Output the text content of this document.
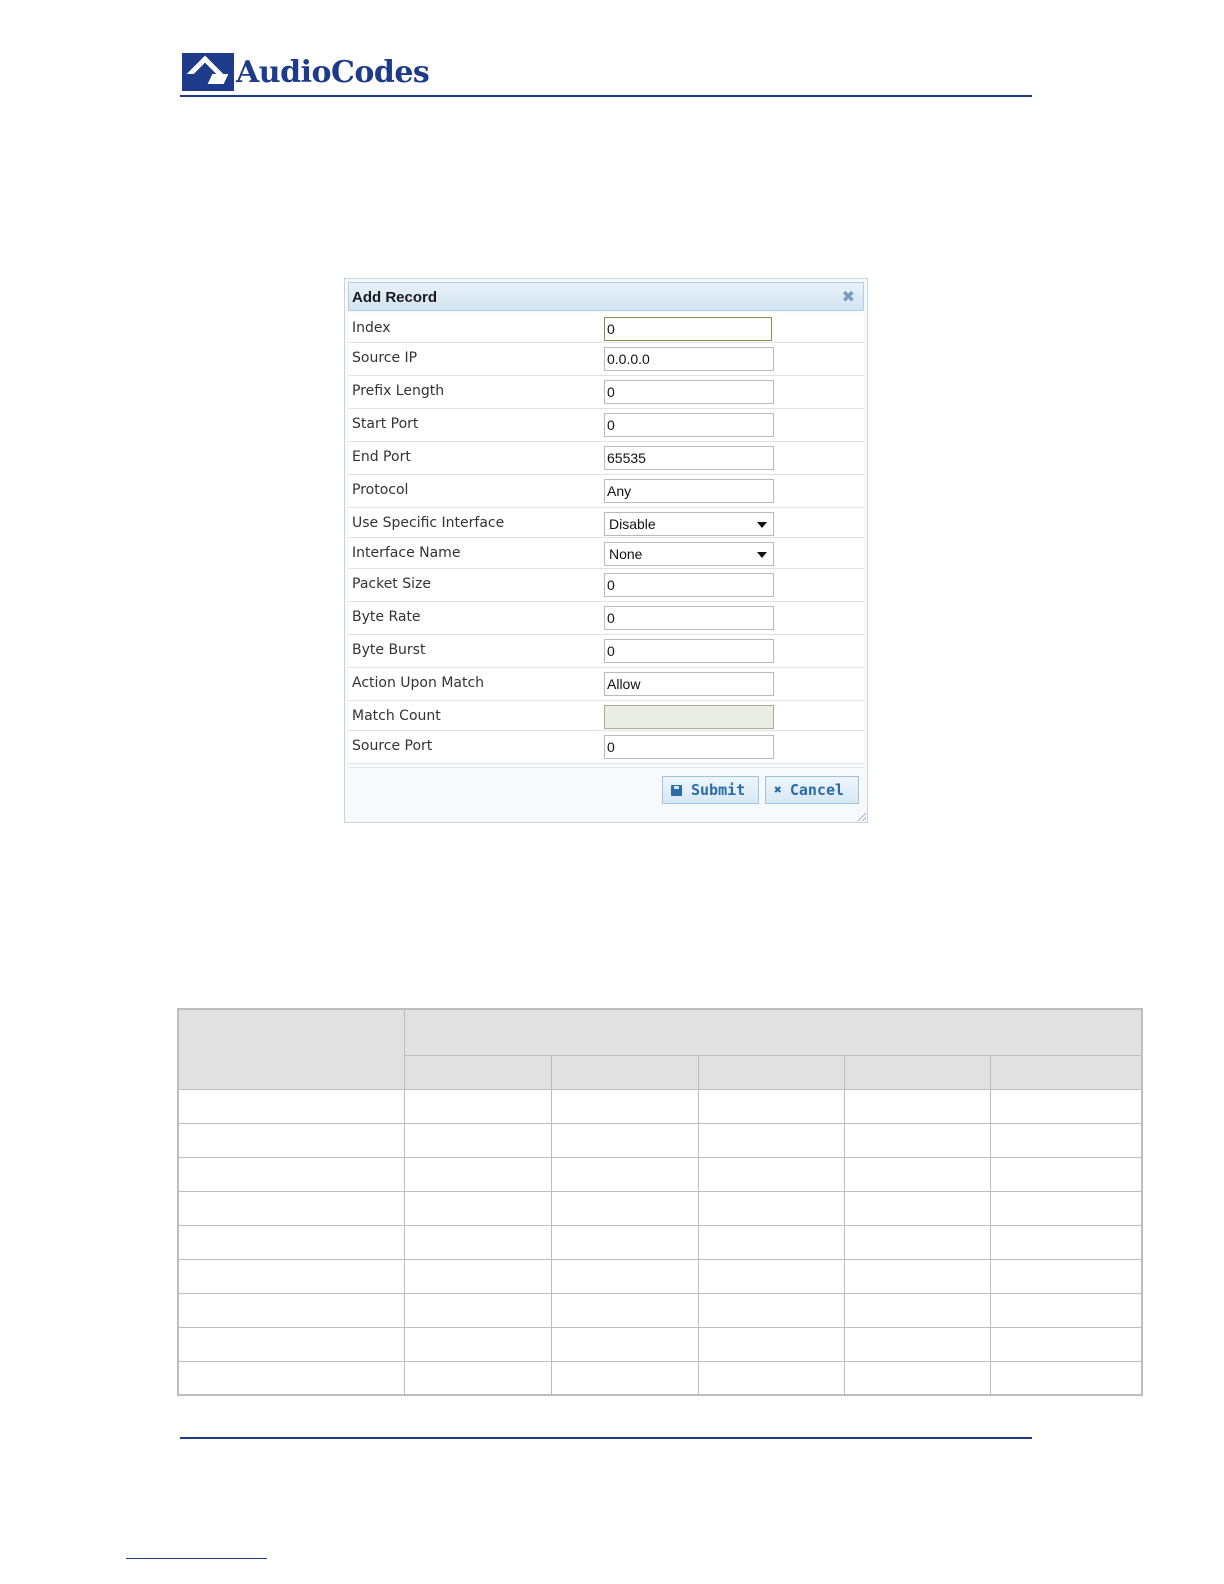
AudioCodes
Add Record	✖
Index	0
Source IP	0.0.0.0
Prefix Length	0
Start Port	0
End Port	65535
Protocol	Any
Use Specific Interface	Disable
Interface Name	None
Packet Size	0
Byte Rate	0
Byte Burst	0
Action Upon Match	Allow
Match Count
Source Port	0
Submit ✖ Cancel
